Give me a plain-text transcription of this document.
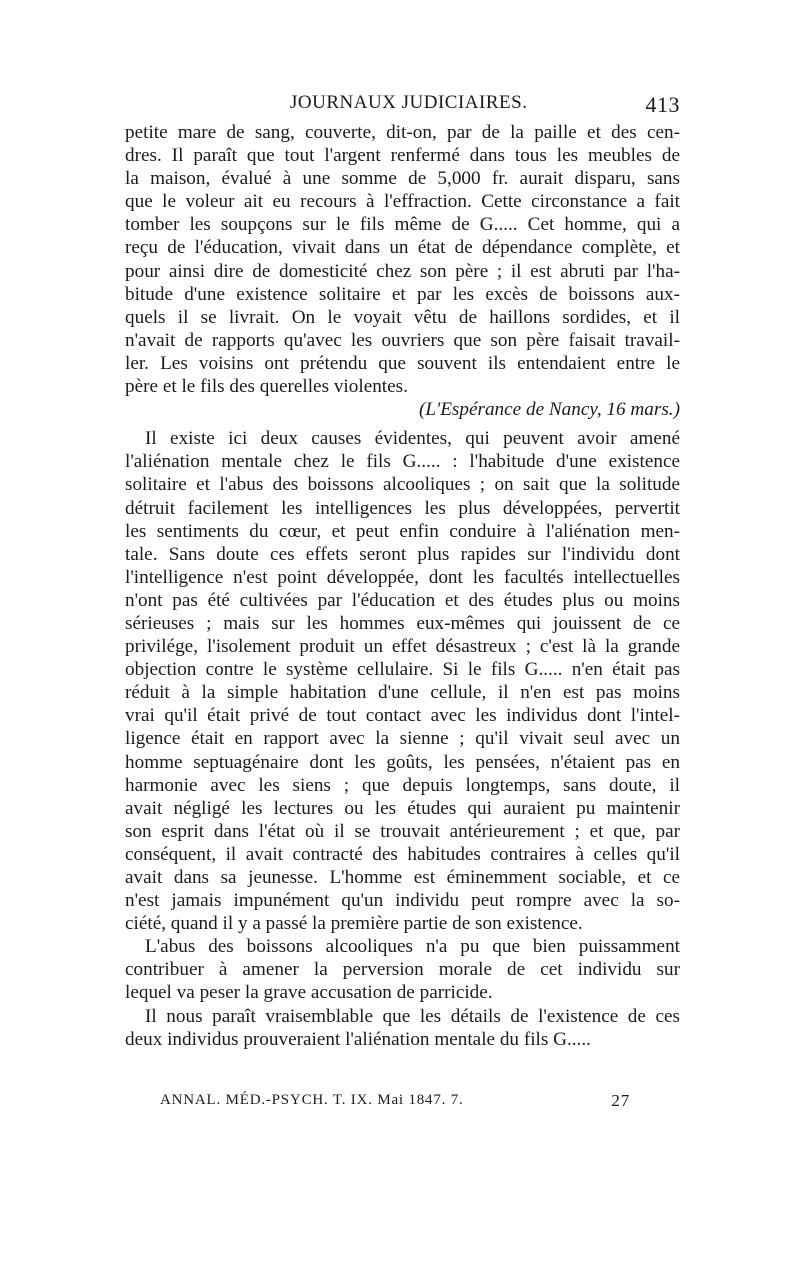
JOURNAUX JUDICIAIRES.	413
petite mare de sang, couverte, dit-on, par de la paille et des cen-
dres. Il paraît que tout l'argent renfermé dans tous les meubles de
la maison, évalué à une somme de 5,000 fr. aurait disparu, sans
que le voleur ait eu recours à l'effraction. Cette circonstance a fait
tomber les soupçons sur le fils même de G..... Cet homme, qui a
reçu de l'éducation, vivait dans un état de dépendance complète, et
pour ainsi dire de domesticité chez son père ; il est abruti par l'ha-
bitude d'une existence solitaire et par les excès de boissons aux-
quels il se livrait. On le voyait vêtu de haillons sordides, et il
n'avait de rapports qu'avec les ouvriers que son père faisait travail-
ler. Les voisins ont prétendu que souvent ils entendaient entre le
père et le fils des querelles violentes.
(L'Espérance de Nancy, 16 mars.)
Il existe ici deux causes évidentes, qui peuvent avoir amené
l'aliénation mentale chez le fils G..... : l'habitude d'une existence
solitaire et l'abus des boissons alcooliques ; on sait que la solitude
détruit facilement les intelligences les plus développées, pervertit
les sentiments du cœur, et peut enfin conduire à l'aliénation men-
tale. Sans doute ces effets seront plus rapides sur l'individu dont
l'intelligence n'est point développée, dont les facultés intellectuelles
n'ont pas été cultivées par l'éducation et des études plus ou moins
sérieuses ; mais sur les hommes eux-mêmes qui jouissent de ce
privilége, l'isolement produit un effet désastreux ; c'est là la grande
objection contre le système cellulaire. Si le fils G..... n'en était pas
réduit à la simple habitation d'une cellule, il n'en est pas moins
vrai qu'il était privé de tout contact avec les individus dont l'intel-
ligence était en rapport avec la sienne ; qu'il vivait seul avec un
homme septuagénaire dont les goûts, les pensées, n'étaient pas en
harmonie avec les siens ; que depuis longtemps, sans doute, il
avait négligé les lectures ou les études qui auraient pu maintenir
son esprit dans l'état où il se trouvait antérieurement ; et que, par
conséquent, il avait contracté des habitudes contraires à celles qu'il
avait dans sa jeunesse. L'homme est éminemment sociable, et ce
n'est jamais impunément qu'un individu peut rompre avec la so-
ciété, quand il y a passé la première partie de son existence.
L'abus des boissons alcooliques n'a pu que bien puissamment
contribuer à amener la perversion morale de cet individu sur
lequel va peser la grave accusation de parricide.
Il nous paraît vraisemblable que les détails de l'existence de ces
deux individus prouveraient l'aliénation mentale du fils G.....
ANNAL. MÉD.-PSYCH. T. IX. Mai 1847. 7.	27
